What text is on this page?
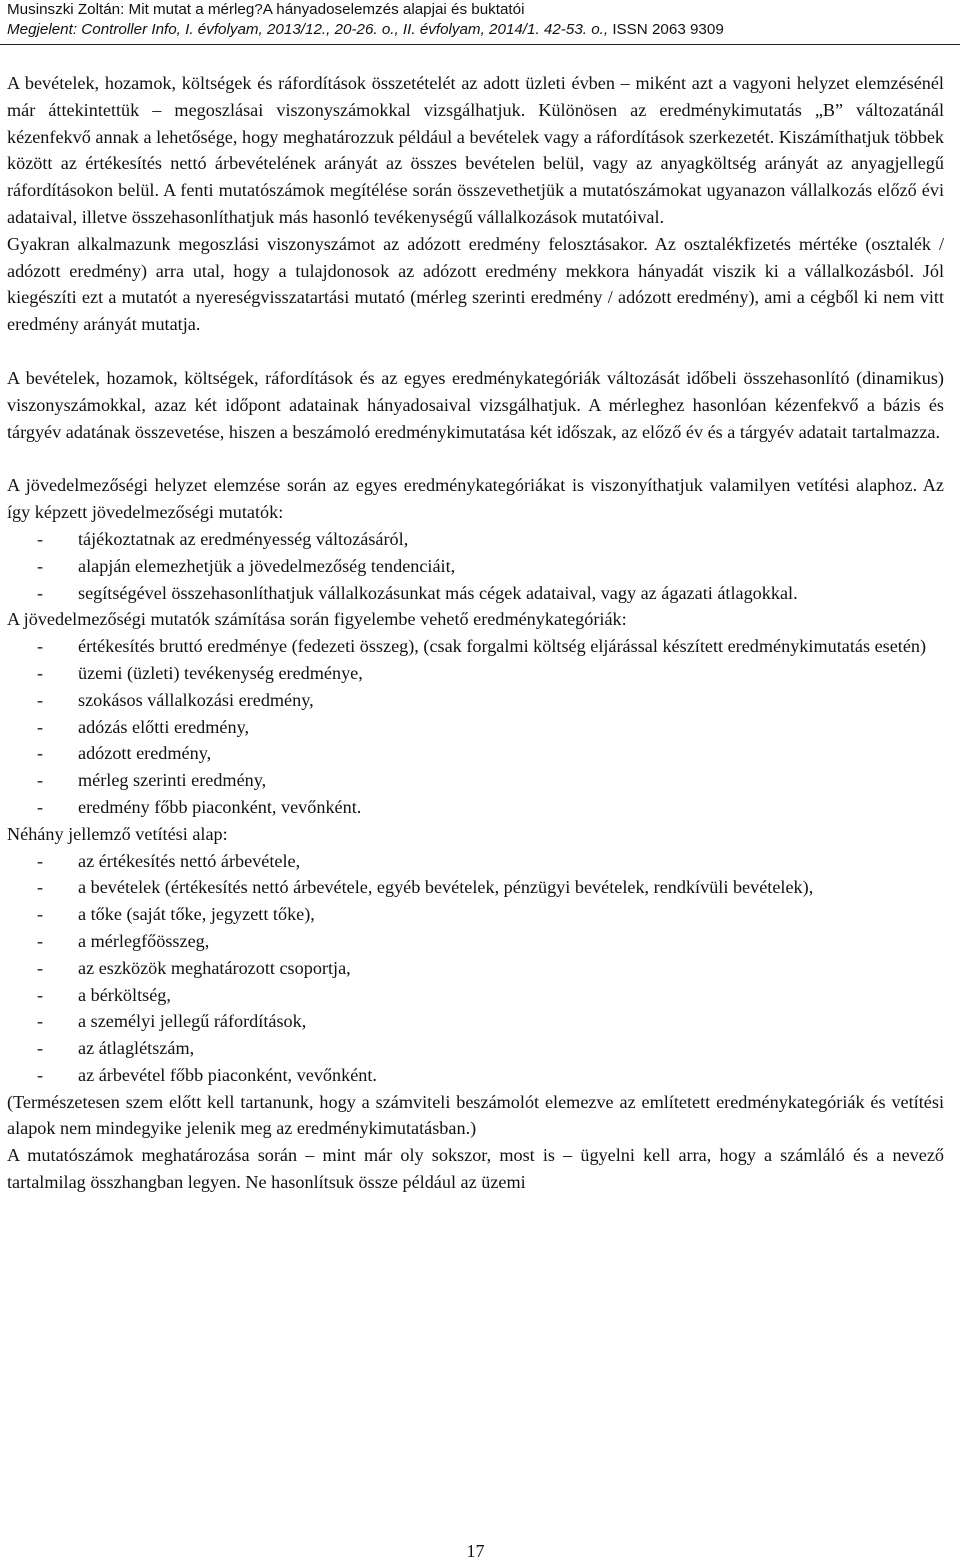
Musinszki Zoltán: Mit mutat a mérleg?A hányadoselemzés alapjai és buktatói
Megjelent: Controller Info, I. évfolyam, 2013/12., 20-26. o., II. évfolyam, 2014/1. 42-53. o., ISSN 2063 9309

A bevételek, hozamok, költségek és ráfordítások összetételét az adott üzleti évben – miként azt a vagyoni helyzet elemzésénél már áttekintettük – megoszlásai viszonyszámokkal vizsgálhatjuk. Különösen az eredménykimutatás „B” változatánál kézenfekvő annak a lehetősége, hogy meghatározzuk például a bevételek vagy a ráfordítások szerkezetét. Kiszámíthatjuk többek között az értékesítés nettó árbevételének arányát az összes bevételen belül, vagy az anyagköltség arányát az anyagjellegű ráfordításokon belül. A fenti mutatószámok megítélése során összevethetjük a mutatószámokat ugyanazon vállalkozás előző évi adataival, illetve összehasonlíthatjuk más hasonló tevékenységű vállalkozások mutatóival.

Gyakran alkalmazunk megoszlási viszonyszámot az adózott eredmény felosztásakor. Az osztalékfizetés mértéke (osztalék / adózott eredmény) arra utal, hogy a tulajdonosok az adózott eredmény mekkora hányadát viszik ki a vállalkozásból. Jól kiegészíti ezt a mutatót a nyereségvisszatartási mutató (mérleg szerinti eredmény / adózott eredmény), ami a cégből ki nem vitt eredmény arányát mutatja.

A bevételek, hozamok, költségek, ráfordítások és az egyes eredménykategóriák változását időbeli összehasonlító (dinamikus) viszonyszámokkal, azaz két időpont adatainak hányadosaival vizsgálhatjuk. A mérleghez hasonlóan kézenfekvő a bázis és tárgyév adatának összevetése, hiszen a beszámoló eredménykimutatása két időszak, az előző év és a tárgyév adatait tartalmazza.

A jövedelmezőségi helyzet elemzése során az egyes eredménykategóriákat is viszonyíthatjuk valamilyen vetítési alaphoz. Az így képzett jövedelmezőségi mutatók:

- tájékoztatnak az eredményesség változásáról,
- alapján elemezhetjük a jövedelmezőség tendenciáit,
- segítségével összehasonlíthatjuk vállalkozásunkat más cégek adataival, vagy az ágazati átlagokkal.

A jövedelmezőségi mutatók számítása során figyelembe vehető eredménykategóriák:

- értékesítés bruttó eredménye (fedezeti összeg), (csak forgalmi költség eljárással készített eredménykimutatás esetén)
- üzemi (üzleti) tevékenység eredménye,
- szokásos vállalkozási eredmény,
- adózás előtti eredmény,
- adózott eredmény,
- mérleg szerinti eredmény,
- eredmény főbb piaconként, vevőnként.

Néhány jellemző vetítési alap:

- az értékesítés nettó árbevétele,
- a bevételek (értékesítés nettó árbevétele, egyéb bevételek, pénzügyi bevételek, rendkívüli bevételek),
- a tőke (saját tőke, jegyzett tőke),
- a mérlegfőösszeg,
- az eszközök meghatározott csoportja,
- a bérköltség,
- a személyi jellegű ráfordítások,
- az átlaglétszám,
- az árbevétel főbb piaconként, vevőnként.

(Természetesen szem előtt kell tartanunk, hogy a számviteli beszámolót elemezve az említetett eredménykategóriák és vetítési alapok nem mindegyike jelenik meg az eredménykimutatásban.)

A mutatószámok meghatározása során – mint már oly sokszor, most is – ügyelni kell arra, hogy a számláló és a nevező tartalmilag összhangban legyen. Ne hasonlítsuk össze például az üzemi

17
